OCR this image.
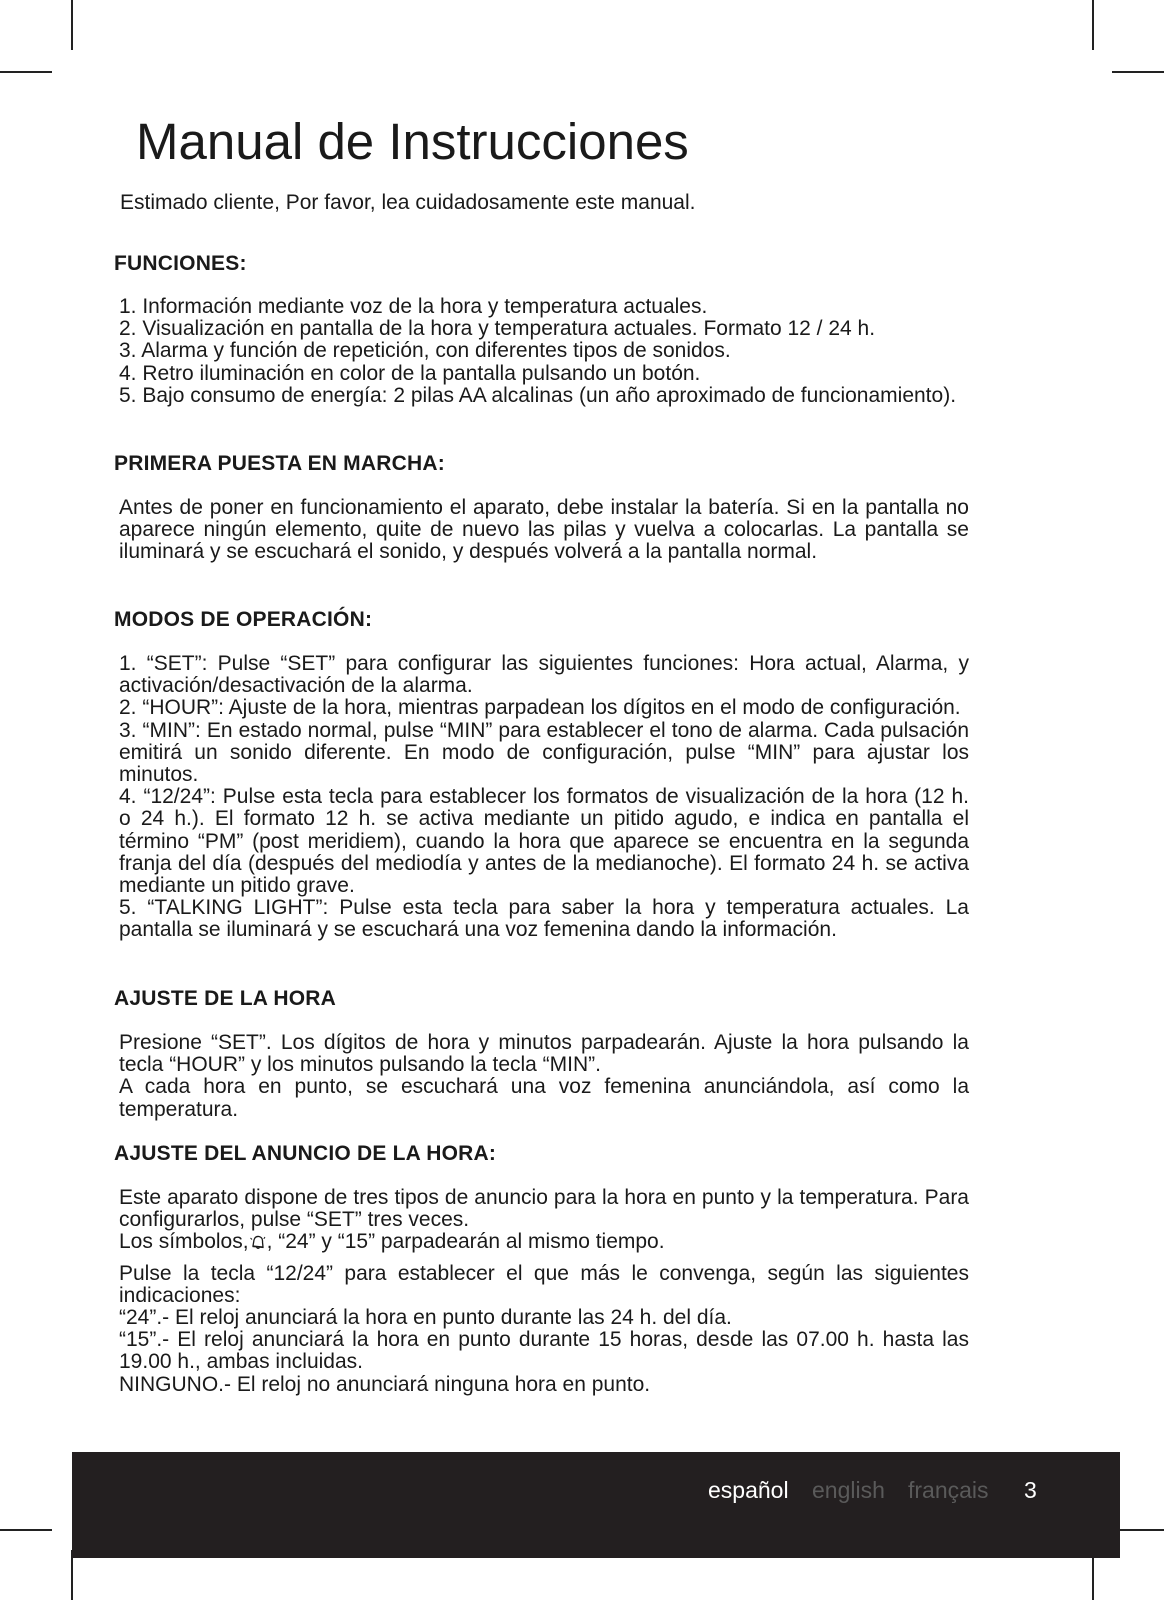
Manual de Instrucciones

Estimado cliente, Por favor, lea cuidadosamente este manual.

FUNCIONES:

1. Información mediante voz de la hora y temperatura actuales.

2. Visualización en pantalla de la hora y temperatura actuales. Formato 12 / 24 h.

3. Alarma y función de repetición, con diferentes tipos de sonidos.

4. Retro iluminación en color de la pantalla pulsando un botón.

5. Bajo consumo de energía: 2 pilas AA alcalinas (un año aproximado de funcionamiento).

PRIMERA PUESTA EN MARCHA:

Antes de poner en funcionamiento el aparato, debe instalar la batería. Si en la pantalla no aparece ningún elemento, quite de nuevo las pilas y vuelva a colocarlas. La pantalla se iluminará y se escuchará el sonido, y después volverá a la pantalla normal.

MODOS DE OPERACIÓN:

1. “SET”: Pulse “SET” para configurar las siguientes funciones: Hora actual, Alarma, y activación/desactivación de la alarma.

2. “HOUR”: Ajuste de la hora, mientras parpadean los dígitos en el modo de configuración.

3. “MIN”: En estado normal, pulse “MIN” para establecer el tono de alarma. Cada pulsación emitirá un sonido diferente. En modo de configuración, pulse “MIN” para ajustar los minutos.

4. “12/24”: Pulse esta tecla para establecer los formatos de visualización de la hora (12 h. o 24 h.). El formato 12 h. se activa mediante un pitido agudo, e indica en pantalla el término “PM” (post meridiem), cuando la hora que aparece se encuentra en la segunda franja del día (después del mediodía y antes de la medianoche). El formato 24 h. se activa mediante un pitido grave.

5. “TALKING LIGHT”: Pulse esta tecla para saber la hora y temperatura actuales. La pantalla se iluminará y se escuchará una voz femenina dando la información.

AJUSTE DE LA HORA

Presione “SET”. Los dígitos de hora y minutos parpadearán. Ajuste la hora pulsando la tecla “HOUR” y los minutos pulsando la tecla “MIN”.

A cada hora en punto, se escuchará una voz femenina anunciándola, así como la temperatura.

AJUSTE DEL ANUNCIO DE LA HORA:

Este aparato dispone de tres tipos de anuncio para la hora en punto y la temperatura. Para configurarlos, pulse “SET” tres veces.

Los símbolos, , “24” y “15” parpadearán al mismo tiempo.

Pulse la tecla “12/24” para establecer el que más le convenga, según las siguientes indicaciones:

“24”.- El reloj anunciará la hora en punto durante las 24 h. del día.

“15”.- El reloj anunciará la hora en punto durante 15 horas, desde las 07.00 h. hasta las 19.00 h., ambas incluidas.

NINGUNO.- El reloj no anunciará ninguna hora en punto.

español english français 3
